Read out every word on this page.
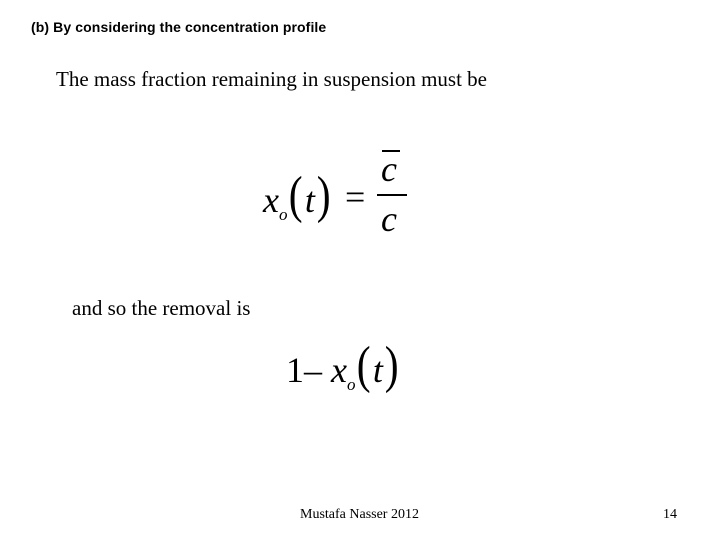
(b) By considering the concentration profile
The mass fraction remaining in suspension must be
$x_o(t)$ =
c
c
and so the removal is
1– $x_o(t)$
Mustafa Nasser 2012	14
